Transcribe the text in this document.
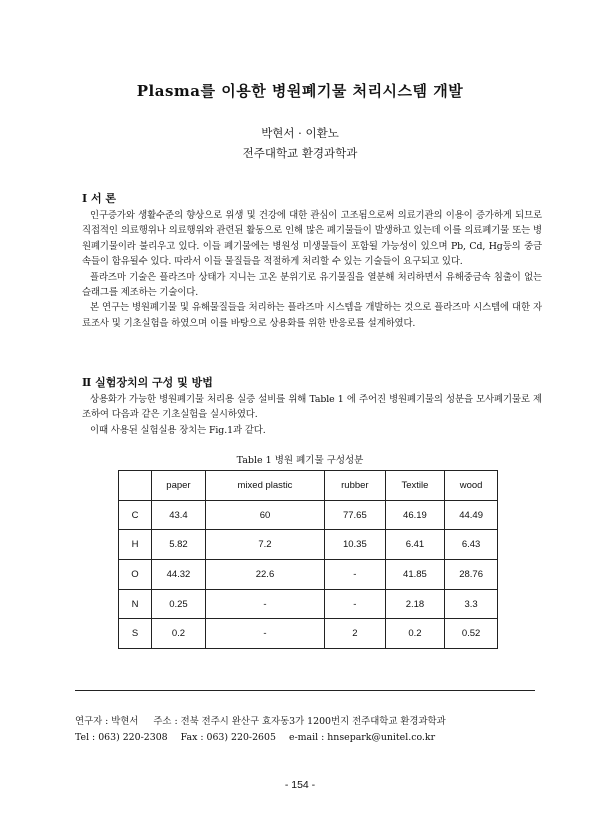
Plasma를 이용한 병원폐기물 처리시스템 개발
박현서 · 이환노
전주대학교 환경과학과

Ⅰ 서 론

인구증가와 생활수준의 향상으로 위생 및 건강에 대한 관심이 고조됨으로써 의료기관의 이용이 증가하게 되므로 직접적인 의료행위나 의료행위와 관련된 활동으로 인해 많은 폐기물들이 발생하고 있는데 이를 의료폐기물 또는 병원폐기물이라 불리우고 있다. 이들 폐기물에는 병원성 미생물들이 포함될 가능성이 있으며 Pb, Cd, Hg등의 중금속들이 함유될수 있다. 따라서 이들 물질들을 적절하게 처리할 수 있는 기술들이 요구되고 있다.

플라즈마 기술은 플라즈마 상태가 지니는 고온 분위기로 유기물질을 열분해 처리하면서 유해중금속 침출이 없는 슬래그를 제조하는 기술이다.

본 연구는 병원폐기물 및 유해물질들을 처리하는 플라즈마 시스템을 개발하는 것으로 플라즈마 시스템에 대한 자료조사 및 기초실험을 하였으며 이를 바탕으로 상용화를 위한 반응로를 설계하였다.

Ⅱ 실험장치의 구성 및 방법

상용화가 가능한 병원폐기물 처리용 실증 설비를 위해 Table 1 에 주어진 병원폐기물의 성분을 모사폐기물로 제조하여 다음과 같은 기초실험을 실시하였다.

이때 사용된 실험실용 장치는 Fig.1과 같다.

Table 1 병원 폐기물 구성성분
	paper	mixed plastic	rubber	Textile	wood
C	43.4	60	77.65	46.19	44.49
H	5.82	7.2	10.35	6.41	6.43
O	44.32	22.6	-	41.85	28.76
N	0.25	-	-	2.18	3.3
S	0.2	-	2	0.2	0.52
연구자 : 박현서     주소 : 전북 전주시 완산구 효자동3가 1200번지 전주대학교 환경과학과
Tel : 063) 220-2308 Fax : 063) 220-2605 e-mail : hnsepark@unitel.co.kr
- 154 -
